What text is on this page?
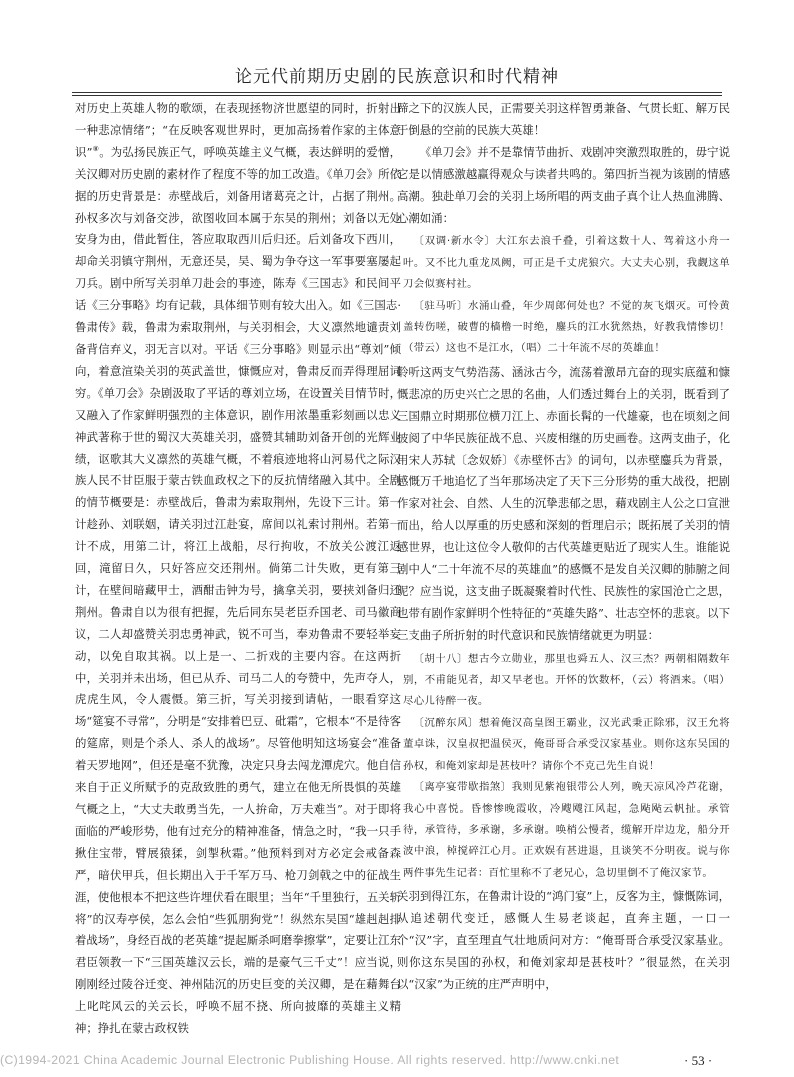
论元代前期历史剧的民族意识和时代精神

对历史上英雄人物的歌颂，在表现拯物济世愿望的同时，折射出一种悲凉情绪”；“在反映客观世界时，更加高扬着作家的主体意识”⑧。为弘扬民族正气，呼唤英雄主义气概，表达鲜明的爱憎，关汉卿对历史剧的素材作了程度不等的加工改造。《单刀会》所依据的历史背景是：赤壁战后，刘备用诸葛亮之计，占据了荆州。孙权多次与刘备交涉，欲图收回本属于东吴的荆州；刘备以无处安身为由，借此暂住，答应取取西川后归还。后刘备攻下西川，却命关羽镇守荆州，无意还吴，吴、蜀为争夺这一军事要塞屡起刀兵。剧中所写关羽单刀赴会的事迹，陈寿《三国志》和民间平话《三分事略》均有记载，具体细节则有较大出入。如《三国志·鲁肃传》载，鲁肃为索取荆州，与关羽相会，大义凛然地谴责刘备背信弃义，羽无言以对。平话《三分事略》则显示出“尊刘”倾向，着意渲染关羽的英武盖世，慷慨应对，鲁肃反而弄得理屈词穷。《单刀会》杂剧汲取了平话的尊刘立场，在设置关目情节时，又融入了作家鲜明强烈的主体意识，剧作用浓墨重彩刻画以忠义神武著称于世的蜀汉大英雄关羽，盛赞其辅助刘备开创的光辉业绩，讴歌其大义凛然的英雄气概，不着痕迹地将山河易代之际汉族人民不甘臣服于蒙古铁血政权之下的反抗情绪融入其中。全剧的情节概要是：赤壁战后，鲁肃为索取荆州，先设下三计。第一计趁孙、刘联姻，请关羽过江赴宴，席间以礼索讨荆州。若第一计不成，用第二计，将江上战船，尽行拘收，不放关公渡江返回，滝留日久，只好答应交还荆州。倘第二计失败，更有第三计，在壁间暗藏甲士，酒酣击钟为号，擒拿关羽，要挟刘备归还荆州。鲁肃自以为很有把握，先后同东吴老臣乔国老、司马徽商议，二人却盛赞关羽忠勇神武，锐不可当，奉劝鲁肃不要轻举妄动，以免自取其祸。以上是一、二折戏的主要内容。在这两折中，关羽并未出场，但已从乔、司马二人的夸赞中，先声夺人，虎虎生风，令人震慑。第三折，写关羽接到请帖，一眼看穿这场“筵宴不寻常”，分明是“安排着巴豆、砒霜”，它根本“不是待客的筵席，则是个杀人、杀人的战场”。尽管他明知这场宴会“准备着天罗地网”，但还是毫不犹豫，决定只身去闯龙潭虎穴。他自信来自于正义所赋予的克敌致胜的勇气，建立在他无所畏惧的英雄气概之上，“大丈夫敢勇当先，一人拚命，万夫难当”。对于即将面临的严峻形势，他有过充分的精神准备，情急之时，“我一只手揪住宝带，臂展猿猱，剑掣秋霜。”他预料到对方必定会戒备森严，暗伏甲兵，但长期出入于千军万马、枪刀剑戟之中的征战生涯，使他根本不把这些许埋伏看在眼里；当年“千里独行，五关斩将”的汉寿亭侯，怎么会怕“些狐朋狗党”！纵然东吴国“雄赳赳排着战场”，身经百战的老英雄“提起厮杀呵磨拳擦掌”，定要让江东君臣领教一下“三国英雄汉云长，端的是豪气三千丈”！应当说，刚刚经过陵谷迁变、神州陆沉的历史巨变的关汉卿，是在藉舞台上叱咤风云的关云长，呼唤不屈不挠、所向披靡的英雄主义精神；挣扎在蒙古政权铁

蹄之下的汉族人民，正需要关羽这样智勇兼备、气贯长虹、解万民于倒悬的空前的民族大英雄！

《单刀会》并不是靠情节曲折、戏剧冲突激烈取胜的，毋宁说它是以情感激越赢得观众与读者共鸣的。第四折当视为该剧的情感高潮。独赴单刀会的关羽上场所唱的两支曲子真个让人热血沸腾、心潮如涌：

〔双调·新水令〕大江东去浪千叠，引着这数十人、驾着这小舟一叶。又不比九重龙凤阙，可正是千丈虎狼穴。大丈夫心别，我觑这单刀会似赛村社。

〔驻马听〕水涌山叠，年少周郎何处也？不觉的灰飞烟灭。可怜黄盖转伤嗟，破曹的樯橹一时绝，鏖兵的江水犹然热，好教我情惨切！（带云）这也不是江水，（唱）二十年流不尽的英雄血！

聆听这两支气势浩荡、涵泳古今，流荡着激昂亢奋的现实底蕴和慷慨悲凉的历史兴亡之思的名曲，人们透过舞台上的关羽，既看到了三国鼎立时期那位横刀江上、赤面长髯的一代雄豪，也在顷刻之间披阅了中华民族征战不息、兴废相继的历史画卷。这两支曲子，化用宋人苏轼〔念奴娇〕《赤壁怀古》的词句，以赤壁鏖兵为背景，感慨万千地追忆了当年那场决定了天下三分形势的重大战役，把剧作家对社会、自然、人生的沉挚悲郁之思，藉戏剧主人公之口宣泄而出，给人以厚重的历史感和深刻的哲理启示；既拓展了关羽的情感世界，也让这位令人敬仰的古代英雄更贴近了现实人生。谁能说剧中人“二十年流不尽的英雄血”的感慨不是发自关汉卿的肺腑之间呢？应当说，这支曲子既凝聚着时代性、民族性的家国沧亡之思，也带有剧作家鲜明个性特征的“英雄失路”、壮志空怀的悲哀。以下三支曲子所折射的时代意识和民族情绪就更为明显：

〔胡十八〕想古今立勋业，那里也舜五人、汉三杰？两朝相隔数年别，不甫能见者，却又早老也。开怀的饮数杯，（云）将酒来。（唱）尽心儿待醉一夜。

〔沉醉东风〕想着俺汉高皇图王霸业，汉光武秉正除邪，汉王允将董卓诛，汉皇叔把温侯灭，俺哥哥合承受汉家基业。则你这东吴国的孙权，和俺刘家却是甚枝叶？请你个不克己先生自说！

〔离亭宴带歇指煞〕我则见紫袍银带公人列，晚天凉风冷芦花谢，我心中喜悦。昏惨惨晚霞收，冷飕飕江风起，急飐飐云帆扯。承管待，承管待，多承谢，多承谢。唤梢公慢者，缆解开岸边龙，船分开波中浪，棹搅碎江心月。正欢娱有甚进退，且谈笑不分明夜。说与你两件事先生记者：百忙里称不了老兄心，急切里倒不了俺汉家节。

关羽到得江东，在鲁肃计设的“鸿门宴”上，反客为主，慷慨陈词，从追述朝代变迁，感慨人生易老谈起，直奔主题，一口一个“汉”字，直至理直气壮地质问对方：“俺哥哥合承受汉家基业。则你这东吴国的孙权，和俺刘家却是甚枝叶？”很显然，在关羽以“汉家”为正统的庄严声明中，

(C)1994-2021 China Academic Journal Electronic Publishing House. All rights reserved. http://www.cnki.net	· 53 ·
